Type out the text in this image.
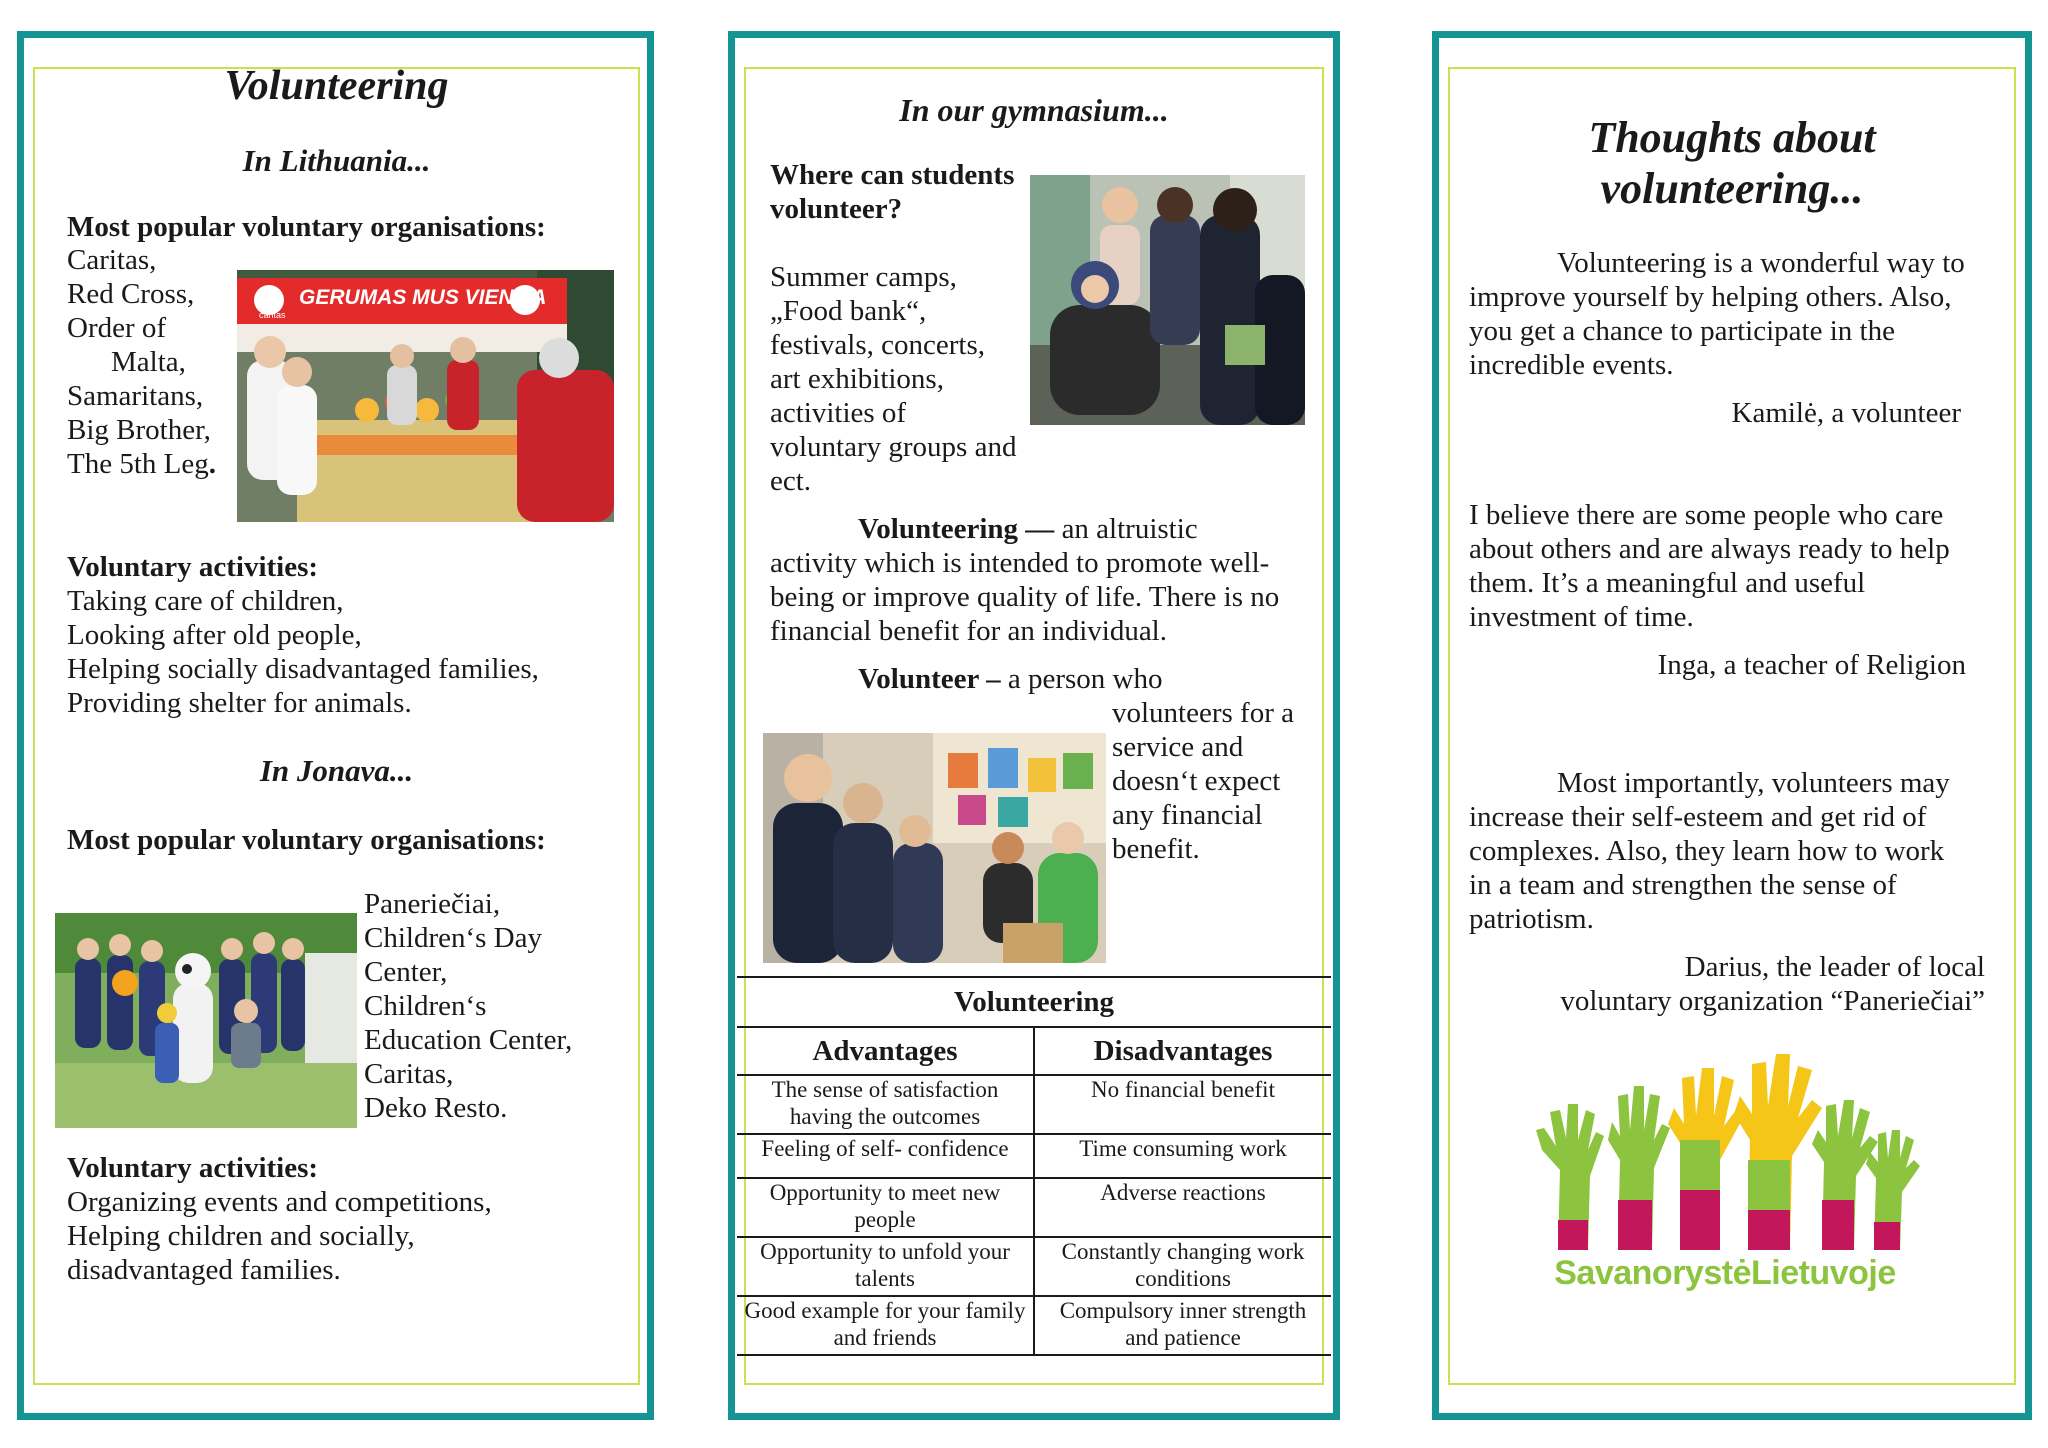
Volunteering
In Lithuania...
Most popular voluntary organisations:
Caritas,
Red Cross,
Order of
Malta,
Samaritans,
Big Brother,
The 5th Leg.
GERUMAS MUS VIENIJA
caritas
Voluntary activities:
Taking care of children,
Looking after old people,
Helping socially disadvantaged families,
Providing shelter for animals.
In Jonava...
Most popular voluntary organisations:
Paneriečiai,
Children‘s Day
Center,
Children‘s
Education Center,
Caritas,
Deko Resto.
Voluntary activities:
Organizing events and competitions,
Helping children and socially,
disadvantaged families.
In our gymnasium...
Where can students
volunteer?
Summer camps,
„Food bank“,
festivals, concerts,
art exhibitions,
activities of
voluntary groups and
ect.
Volunteering — an altruistic
activity which is intended to promote well-
being or improve quality of life. There is no
financial benefit for an individual.
Volunteer – a person who
volunteers for a
service and
doesn‘t expect
any financial
benefit.
Volunteering	
Advantages	Disadvantages
The sense of satisfaction having the outcomes	No financial benefit
Feeling of self- confidence	Time consuming work
Opportunity to meet new people	Adverse reactions
Opportunity to unfold your talents	Constantly changing work conditions
Good example for your family and friends	Compulsory inner strength and patience
Thoughts about
volunteering...
Volunteering is a wonderful way to
improve yourself by helping others. Also,
you get a chance to participate in the
incredible events.
Kamilė, a volunteer
I believe there are some people who care
about others and are always ready to help
them. It’s a meaningful and useful
investment of time.
Inga, a teacher of Religion
Most importantly, volunteers may
increase their self-esteem and get rid of
complexes. Also, they learn how to work
in a team and strengthen the sense of
patriotism.
Darius, the leader of local
voluntary organization “Paneriečiai”
SavanorystėLietuvoje
